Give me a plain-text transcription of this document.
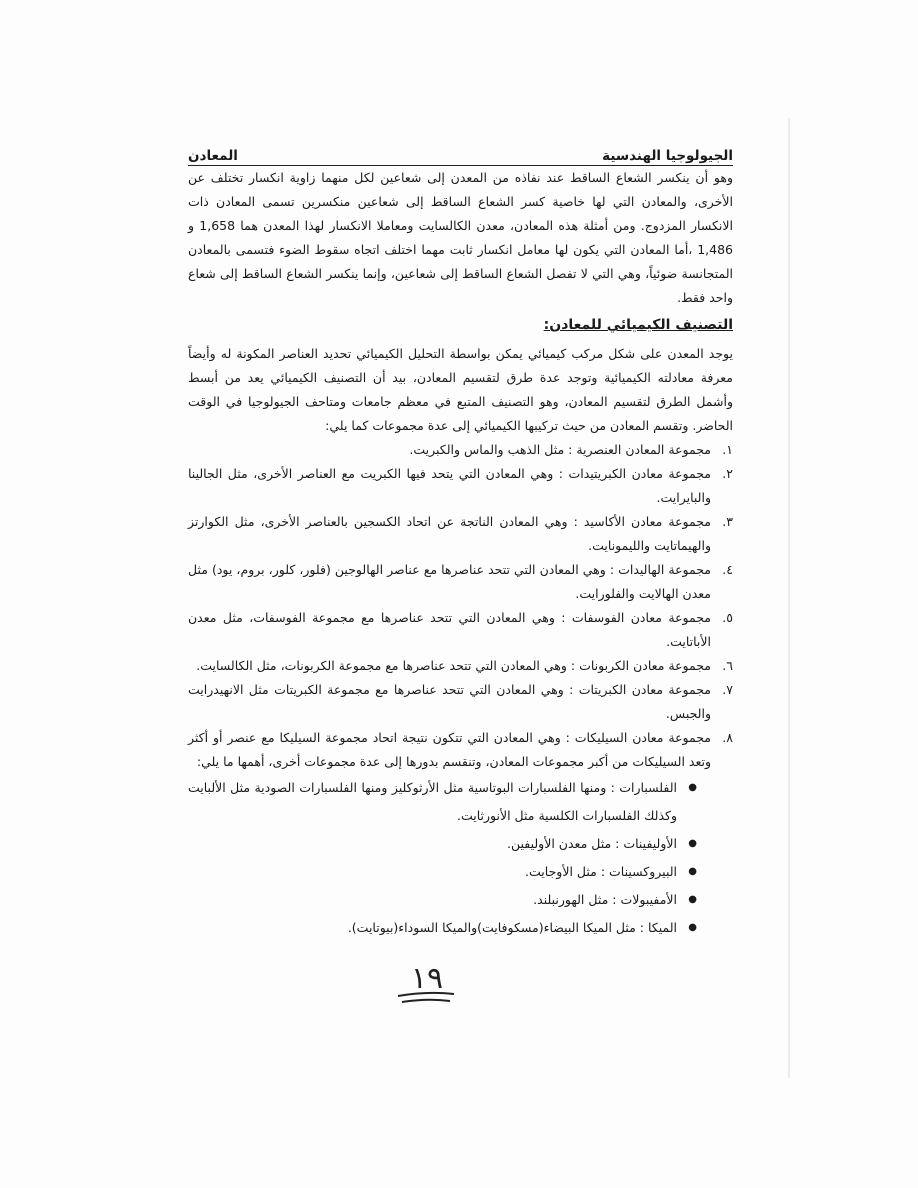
الجيولوجيا الهندسية
المعادن

وهو أن ينكسر الشعاع الساقط عند نفاذه من المعدن إلى شعاعين لكل منهما زاوية انكسار تختلف عن الأخرى، والمعادن التي لها خاصية كسر الشعاع الساقط إلى شعاعين منكسرين تسمى المعادن ذات الانكسار المزدوج. ومن أمثلة هذه المعادن، معدن الكالسايت ومعاملا الانكسار لهذا المعدن هما 1,658 و 1,486 ،أما المعادن التي يكون لها معامل انكسار ثابت مهما اختلف اتجاه سقوط الضوء فتسمى بالمعادن المتجانسة ضوئياً، وهي التي لا تفصل الشعاع الساقط إلى شعاعين، وإنما ينكسر الشعاع الساقط إلى شعاع واحد فقط.

التصنيف الكيميائي للمعادن:

يوجد المعدن على شكل مركب كيميائي يمكن بواسطة التحليل الكيميائي تحديد العناصر المكونة له وأيضاً معرفة معادلته الكيميائية وتوجد عدة طرق لتقسيم المعادن، بيد أن التصنيف الكيميائي يعد من أبسط وأشمل الطرق لتقسيم المعادن، وهو التصنيف المتبع في معظم جامعات ومتاحف الجيولوجيا في الوقت الحاضر. وتقسم المعادن من حيث تركيبها الكيميائي إلى عدة مجموعات كما يلي:

١.
مجموعة المعادن العنصرية : مثل الذهب والماس والكبريت.
٢.
مجموعة معادن الكبريتيدات : وهي المعادن التي يتحد فيها الكبريت مع العناصر الأخرى، مثل الجالينا والبايرايت.
٣.
مجموعة معادن الأكاسيد : وهي المعادن الناتجة عن اتحاد الكسجين بالعناصر الأخرى، مثل الكوارتز والهيماتايت والليمونايت.
٤.
مجموعة الهاليدات : وهي المعادن التي تتحد عناصرها مع عناصر الهالوجين (فلور، كلور، بروم، يود) مثل معدن الهالايت والفلورايت.
٥.
مجموعة معادن الفوسفات : وهي المعادن التي تتحد عناصرها مع مجموعة الفوسفات، مثل معدن الأباتايت.
٦.
مجموعة معادن الكربونات : وهي المعادن التي تتحد عناصرها مع مجموعة الكربونات، مثل الكالسايت.
٧.
مجموعة معادن الكبريتات : وهي المعادن التي تتحد عناصرها مع مجموعة الكبريتات مثل الانهيدرايت والجبس.
٨.
مجموعة معادن السيليكات : وهي المعادن التي تتكون نتيجة اتحاد مجموعة السيليكا مع عنصر أو أكثر وتعد السيليكات من أكبر مجموعات المعادن، وتنقسم بدورها إلى عدة مجموعات أخرى، أهمها ما يلي:
●
الفلسبارات : ومنها الفلسبارات البوتاسية مثل الأرثوكليز ومنها الفلسبارات الصودية مثل الألبايت وكذلك الفلسبارات الكلسية مثل الأنورثايت.
●
الأوليفينات : مثل معدن الأوليفين.
●
البيروكسينات : مثل الأوجايت.
●
الأمفيبولات : مثل الهورنبلند.
●
الميكا : مثل الميكا البيضاء(مسكوفايت)والميكا السوداء(بيوتايت).
١٩
